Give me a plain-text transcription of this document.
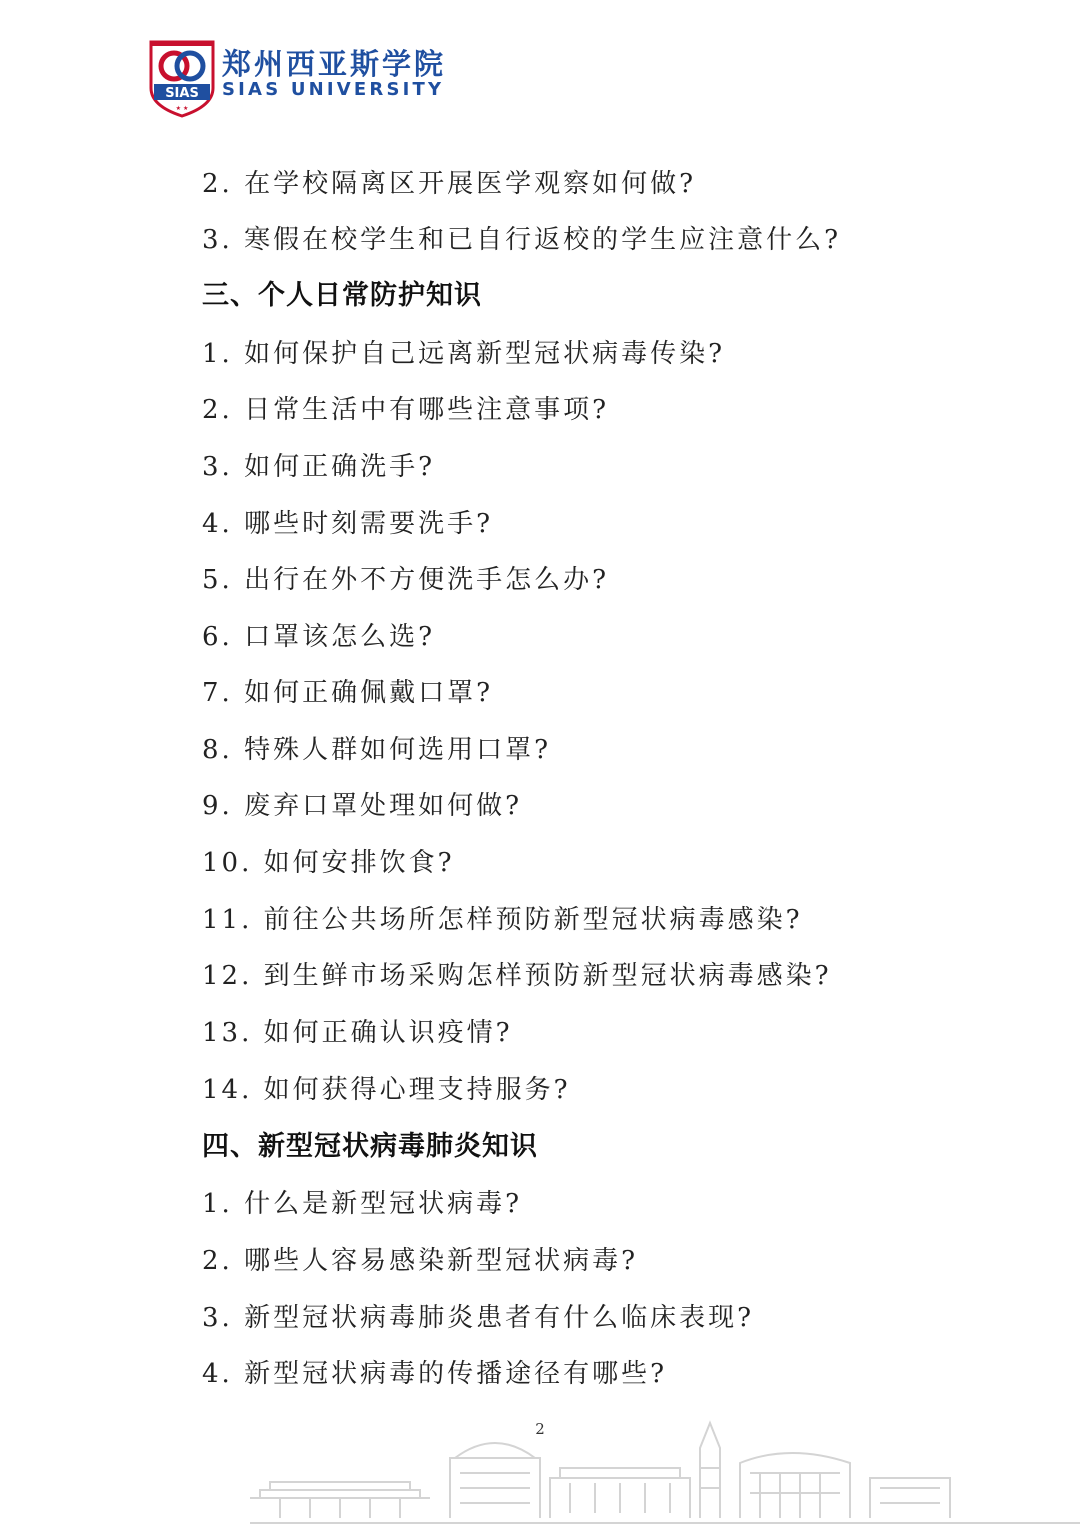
SIAS
★ ★
郑州西亚斯学院
SIAS UNIVERSITY
2. 在学校隔离区开展医学观察如何做?
3. 寒假在校学生和已自行返校的学生应注意什么?
三、个人日常防护知识
1. 如何保护自己远离新型冠状病毒传染?
2. 日常生活中有哪些注意事项?
3. 如何正确洗手?
4. 哪些时刻需要洗手?
5. 出行在外不方便洗手怎么办?
6. 口罩该怎么选?
7. 如何正确佩戴口罩?
8. 特殊人群如何选用口罩?
9. 废弃口罩处理如何做?
10. 如何安排饮食?
11. 前往公共场所怎样预防新型冠状病毒感染?
12. 到生鲜市场采购怎样预防新型冠状病毒感染?
13. 如何正确认识疫情?
14. 如何获得心理支持服务?
四、新型冠状病毒肺炎知识
1. 什么是新型冠状病毒?
2. 哪些人容易感染新型冠状病毒?
3. 新型冠状病毒肺炎患者有什么临床表现?
4. 新型冠状病毒的传播途径有哪些?
2
